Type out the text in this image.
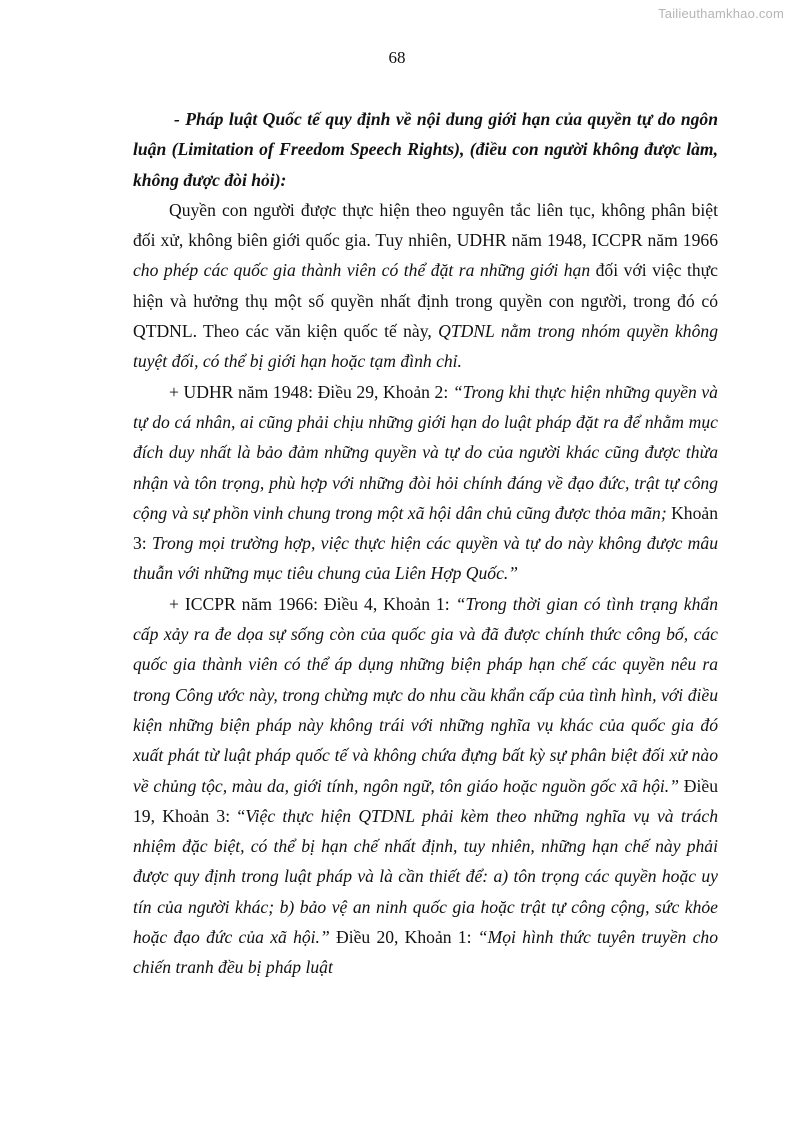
Tailieuthamkhao.com
68

- Pháp luật Quốc tế quy định về nội dung giới hạn của quyền tự do ngôn luận (Limitation of Freedom Speech Rights), (điều con người không được làm, không được đòi hỏi):

Quyền con người được thực hiện theo nguyên tắc liên tục, không phân biệt đối xử, không biên giới quốc gia. Tuy nhiên, UDHR năm 1948, ICCPR năm 1966 cho phép các quốc gia thành viên có thể đặt ra những giới hạn đối với việc thực hiện và hưởng thụ một số quyền nhất định trong quyền con người, trong đó có QTDNL. Theo các văn kiện quốc tế này, QTDNL nằm trong nhóm quyền không tuyệt đối, có thể bị giới hạn hoặc tạm đình chỉ.

+ UDHR năm 1948: Điều 29, Khoản 2: “Trong khi thực hiện những quyền và tự do cá nhân, ai cũng phải chịu những giới hạn do luật pháp đặt ra để nhằm mục đích duy nhất là bảo đảm những quyền và tự do của người khác cũng được thừa nhận và tôn trọng, phù hợp với những đòi hỏi chính đáng về đạo đức, trật tự công cộng và sự phồn vinh chung trong một xã hội dân chủ cũng được thỏa mãn; Khoản 3: Trong mọi trường hợp, việc thực hiện các quyền và tự do này không được mâu thuẫn với những mục tiêu chung của Liên Hợp Quốc.”

+ ICCPR năm 1966: Điều 4, Khoản 1: “Trong thời gian có tình trạng khẩn cấp xảy ra đe dọa sự sống còn của quốc gia và đã được chính thức công bố, các quốc gia thành viên có thể áp dụng những biện pháp hạn chế các quyền nêu ra trong Công ước này, trong chừng mực do nhu cầu khẩn cấp của tình hình, với điều kiện những biện pháp này không trái với những nghĩa vụ khác của quốc gia đó xuất phát từ luật pháp quốc tế và không chứa đựng bất kỳ sự phân biệt đối xử nào về chủng tộc, màu da, giới tính, ngôn ngữ, tôn giáo hoặc nguồn gốc xã hội.” Điều 19, Khoản 3: “Việc thực hiện QTDNL phải kèm theo những nghĩa vụ và trách nhiệm đặc biệt, có thể bị hạn chế nhất định, tuy nhiên, những hạn chế này phải được quy định trong luật pháp và là cần thiết để: a) tôn trọng các quyền hoặc uy tín của người khác; b) bảo vệ an ninh quốc gia hoặc trật tự công cộng, sức khỏe hoặc đạo đức của xã hội.” Điều 20, Khoản 1: “Mọi hình thức tuyên truyền cho chiến tranh đều bị pháp luật
